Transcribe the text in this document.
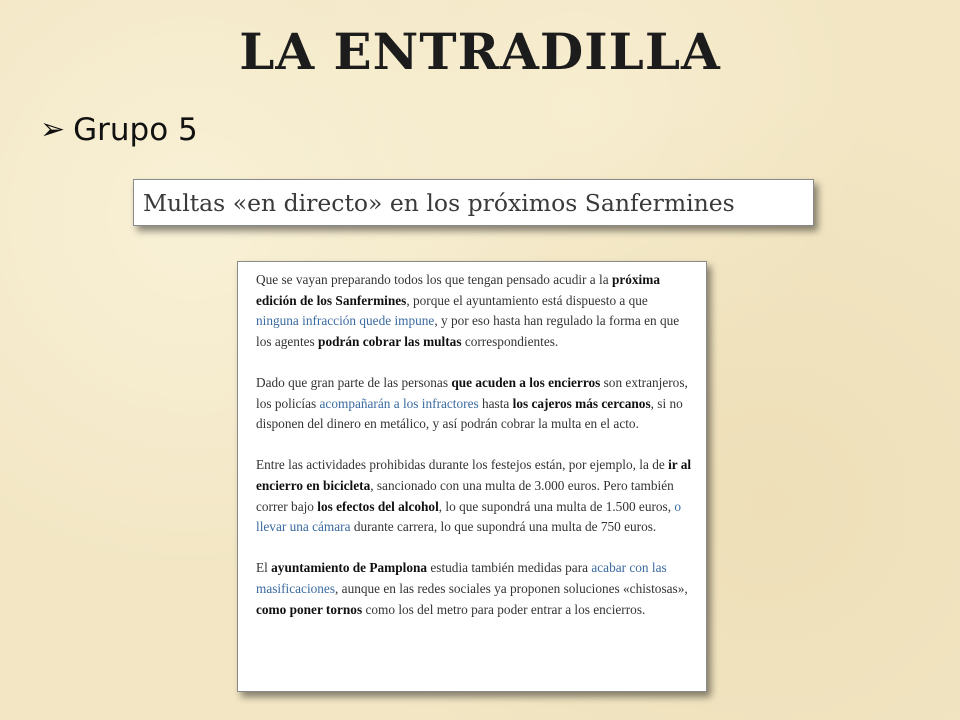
LA ENTRADILLA
➢ Grupo 5
Multas «en directo» en los próximos Sanfermines

Que se vayan preparando todos los que tengan pensado acudir a la próxima edición de los Sanfermines, porque el ayuntamiento está dispuesto a que ninguna infracción quede impune, y por eso hasta han regulado la forma en que los agentes podrán cobrar las multas correspondientes.

Dado que gran parte de las personas que acuden a los encierros son extranjeros, los policías acompañarán a los infractores hasta los cajeros más cercanos, si no disponen del dinero en metálico, y así podrán cobrar la multa en el acto.

Entre las actividades prohibidas durante los festejos están, por ejemplo, la de ir al encierro en bicicleta, sancionado con una multa de 3.000 euros. Pero también correr bajo los efectos del alcohol, lo que supondrá una multa de 1.500 euros, o llevar una cámara durante carrera, lo que supondrá una multa de 750 euros.

El ayuntamiento de Pamplona estudia también medidas para acabar con las masificaciones, aunque en las redes sociales ya proponen soluciones «chistosas», como poner tornos como los del metro para poder entrar a los encierros.
